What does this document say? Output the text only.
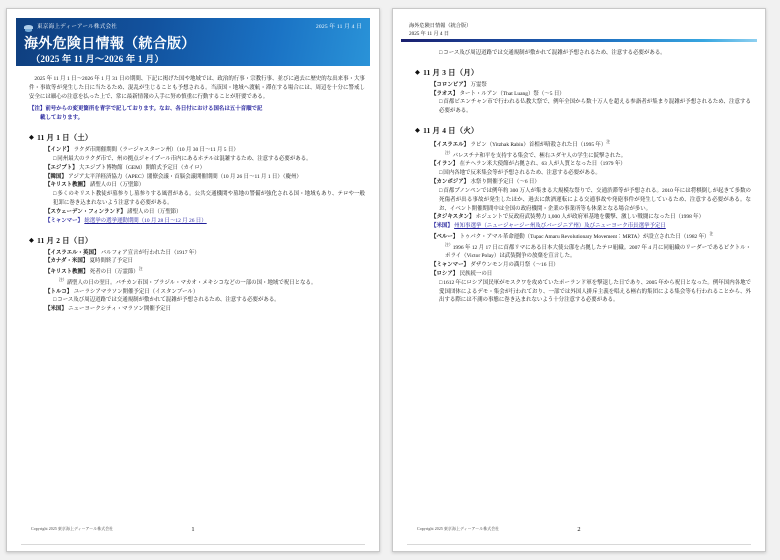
東京海上ディーアール株式会社	2025 年 11 月 4 日
海外危険日情報（統合版）
（2025 年 11 月～2026 年 1 月）

2025 年 11 月 1 日～2026 年 1 月 31 日の期間、下記に掲げた国や地域では、政治的行事・宗教行事、並びに過去に歴史的な出来事・大事件・事故等が発生した日に当たるため、混乱が生じることも予想される。当該国・地域へ渡航・滞在する場合には、周辺を十分に警戒し安全には細心の注意を払った上で、常に最新情報の入手に努め慎重に行動することが肝要である。

【注】前号からの変更箇所を青字で記しております。なお、各日付における国名は五十音順で記
載しております。

◆ 11 月 1 日（土）

【インド】 ラクダ市開催期間（ラージャスターン州）（10 月 30 日～11 月 5 日）

□同州最大のラクダ市で、州の拠点ジャイプール市内にあるホテルは混雑するため、注意する必要がある。

【エジプト】 大エジプト博物館（GEM）開館式予定日（カイロ）

【韓国】 アジア太平洋経済協力（APEC）閣僚会議・首脳会議開催期間（10 月 26 日～11 月 1 日）（慶州）

【キリスト教圏】 諸聖人の日（万聖節）

□多くのキリスト教徒が墓参りし墓参りする風習がある。公共交通機関や墓地の警備が強化される国・地域もあり、テロや一般犯罪に巻き込まれないよう注意する必要がある。

【スウェーデン・フィンランド】 諸聖人の日（万聖節）

【ミャンマー】 総選挙の選挙運動期間（10 月 28 日～12 月 26 日）

◆ 11 月 2 日（日）

【イスラエル・英国】 バルフォア宣言が行われた日（1917 年）

【カナダ・米国】 夏時間終了予定日

【キリスト教圏】 死者の日（万霊節）$^注$

$^{注)}$諸聖人の日の翌日。バチカン市国・ブラジル・マカオ・メキシコなどの一部の国・地域で祝日となる。

【トルコ】 ユーラシアマラソン開催予定日（イスタンブール）

□コース及び周辺道路では交通規制が敷かれて混雑が予想されるため、注意する必要がある。

【米国】 ニューヨークシティ・マラソン開催予定日

Copyright 2025 東京海上ディーアール株式会社	1
海外危険日情報（統合版）
2025 年 11 月 4 日

□コース及び周辺道路では交通規制が敷かれて混雑が予想されるため、注意する必要がある。

◆ 11 月 3 日（月）

【コロンビア】 万霊祭

【ラオス】 タート・ルアン（That Luang）祭（～5 日）

□首都ビエンチャン市で行われる仏教大祭で、例年全国から数十万人を超える参詣者が集まり混雑が予想されるため、注意する必要がある。

◆ 11 月 4 日（火）

【イスラエル】 ラビン（Yitzhak Rabin）首相が暗殺された日（1995 年）$^注$

$^{注)}$パレスチナ和平を支持する集会で、極右ユダヤ人の学生に銃撃された。

【イラン】 在テヘラン米大使館が占拠され、63 人が人質となった日（1979 年）

□国内各地で反米集会等が予想されるため、注意する必要がある。

【カンボジア】 水祭り開催予定日（～6 日）

□首都プノンペンでは例年約 300 万人が集まる大規模な祭りで、交通渋滞等が予想される。2010 年には将棋倒しが起きて多数の死傷者が出る事故が発生したほか、過去に飲酒運転による交通事故や発砲事件が発生しているため、注意する必要がある。なお、イベント開催期間中は全国の政府機関・企業の事業所等も休業となる場合が多い。

【タジキスタン】 ホジェントで反政府武装勢力 1,000 人が政府軍基地を襲撃、激しい戦闘になった日（1998 年）

【米国】 州知事選挙（ニュージャージー州及びバージニア州）及びニューヨーク市長選挙予定日

【ペルー】 トゥパク・アマル革命運動（Tupac Amaru Revolutionary Movement：MRTA）が設立された日（1982 年）$^注$

$^{注)}$1996 年 12 月 17 日に首都リマにある日本大使公邸を占拠したテロ組織。2007 年 4 月に同組織のリーダーであるビクトル・ポライ（Victor Polay）は武装闘争の放棄を宣言した。

【ミャンマー】 ダザウンモン月の満月祭（～16 日）

【ロシア】 民族統一の日

□1612 年にロシア国民軍がモスクワを攻めていたポーランド軍を撃退した日であり、2005 年から祝日となった。例年国内各地で愛国団体によるデモ・集会が行われており、一部では外国人排斥主義を唱える極右的集団による集会等も行われることから、外出する際には不測の事態に巻き込まれないよう十分注意する必要がある。

Copyright 2025 東京海上ディーアール株式会社	2
